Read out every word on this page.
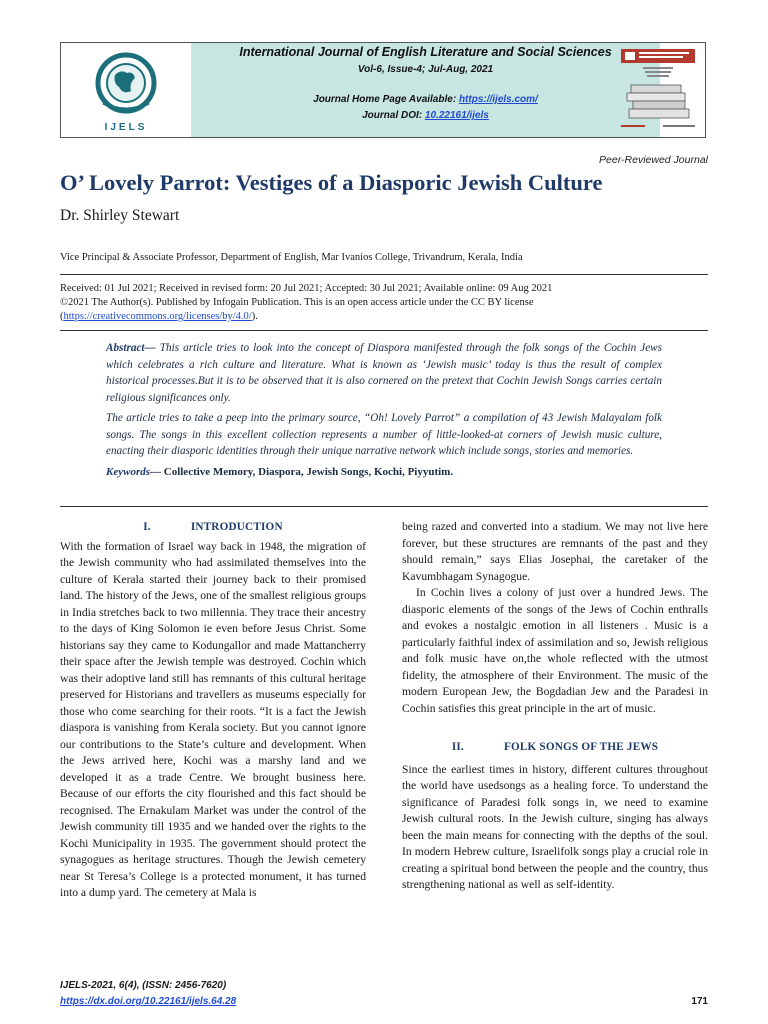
IJELS
International Journal of English Literature and Social Sciences
Vol-6, Issue-4; Jul-Aug, 2021
Journal Home Page Available: https://ijels.com/
Journal DOI: 10.22161/ijels
Peer-Reviewed Journal
O’ Lovely Parrot: Vestiges of a Diasporic Jewish Culture
Dr. Shirley Stewart
Vice Principal & Associate Professor, Department of English, Mar Ivanios College, Trivandrum, Kerala, India
Received: 01 Jul 2021; Received in revised form: 20 Jul 2021; Accepted: 30 Jul 2021; Available online: 09 Aug 2021
©2021 The Author(s). Published by Infogain Publication. This is an open access article under the CC BY license
(https://creativecommons.org/licenses/by/4.0/).

Abstract— This article tries to look into the concept of Diaspora manifested through the folk songs of the Cochin Jews which celebrates a rich culture and literature. What is known as ‘Jewish music’ today is thus the result of complex historical processes.But it is to be observed that it is also cornered on the pretext that Cochin Jewish Songs carries certain religious significances only.

The article tries to take a peep into the primary source, “Oh! Lovely Parrot” a compilation of 43 Jewish Malayalam folk songs. The songs in this excellent collection represents a number of little-looked-at corners of Jewish music culture, enacting their diasporic identities through their unique narrative network which include songs, stories and memories.

Keywords— Collective Memory, Diaspora, Jewish Songs, Kochi, Piyyutim.
I.	INTRODUCTION

With the formation of Israel way back in 1948, the migration of the Jewish community who had assimilated themselves into the culture of Kerala started their journey back to their promised land. The history of the Jews, one of the smallest religious groups in India stretches back to two millennia. They trace their ancestry to the days of King Solomon ie even before Jesus Christ. Some historians say they came to Kodungallor and made Mattancherry their space after the Jewish temple was destroyed. Cochin which was their adoptive land still has remnants of this cultural heritage preserved for Historians and travellers as museums especially for those who come searching for their roots. “It is a fact the Jewish diaspora is vanishing from Kerala society. But you cannot ignore our contributions to the State’s culture and development. When the Jews arrived here, Kochi was a marshy land and we developed it as a trade Centre. We brought business here. Because of our efforts the city flourished and this fact should be recognised. The Ernakulam Market was under the control of the Jewish community till 1935 and we handed over the rights to the Kochi Municipality in 1935. The government should protect the synagogues as heritage structures. Though the Jewish cemetery near St Teresa’s College is a protected monument, it has turned into a dump yard. The cemetery at Mala is

being razed and converted into a stadium. We may not live here forever, but these structures are remnants of the past and they should remain,” says Elias Josephai, the caretaker of the Kavumbhagam Synagogue.

In Cochin lives a colony of just over a hundred Jews. The diasporic elements of the songs of the Jews of Cochin enthralls and evokes a nostalgic emotion in all listeners . Music is a particularly faithful index of assimilation and so, Jewish religious and folk music have on,the whole reflected with the utmost fidelity, the atmosphere of their Environment. The music of the modern European Jew, the Bogdadian Jew and the Paradesi in Cochin satisfies this great principle in the art of music.

II.	FOLK SONGS OF THE JEWS

Since the earliest times in history, different cultures throughout the world have usedsongs as a healing force. To understand the significance of Paradesi folk songs in, we need to examine Jewish cultural roots. In the Jewish culture, singing has always been the main means for connecting with the depths of the soul. In modern Hebrew culture, Israelifolk songs play a crucial role in creating a spiritual bond between the people and the country, thus strengthening national as well as self-identity.

IJELS-2021, 6(4), (ISSN: 2456-7620)
https://dx.doi.org/10.22161/ijels.64.28	171
